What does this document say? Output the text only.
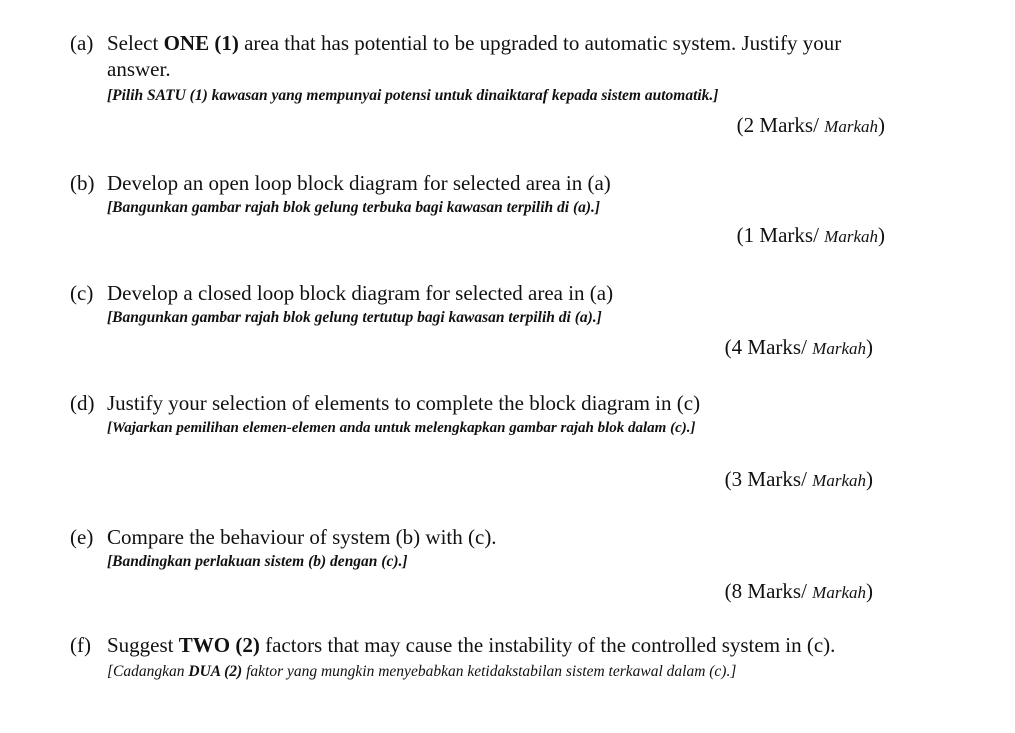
(a) Select ONE (1) area that has potential to be upgraded to automatic system. Justify your answer.
[Pilih SATU (1) kawasan yang mempunyai potensi untuk dinaiktaraf kepada sistem automatik.]
(2 Marks/ Markah)
(b) Develop an open loop block diagram for selected area in (a)
[Bangunkan gambar rajah blok gelung terbuka bagi kawasan terpilih di (a).]
(1 Marks/ Markah)
(c) Develop a closed loop block diagram for selected area in (a)
[Bangunkan gambar rajah blok gelung tertutup bagi kawasan terpilih di (a).]
(4 Marks/ Markah)
(d) Justify your selection of elements to complete the block diagram in (c)
[Wajarkan pemilihan elemen-elemen anda untuk melengkapkan gambar rajah blok dalam (c).]
(3 Marks/ Markah)
(e) Compare the behaviour of system (b) with (c).
[Bandingkan perlakuan sistem (b) dengan (c).]
(8 Marks/ Markah)
(f) Suggest TWO (2) factors that may cause the instability of the controlled system in (c).
[Cadangkan DUA (2) faktor yang mungkin menyebabkan ketidakstabilan sistem terkawal dalam (c).]
